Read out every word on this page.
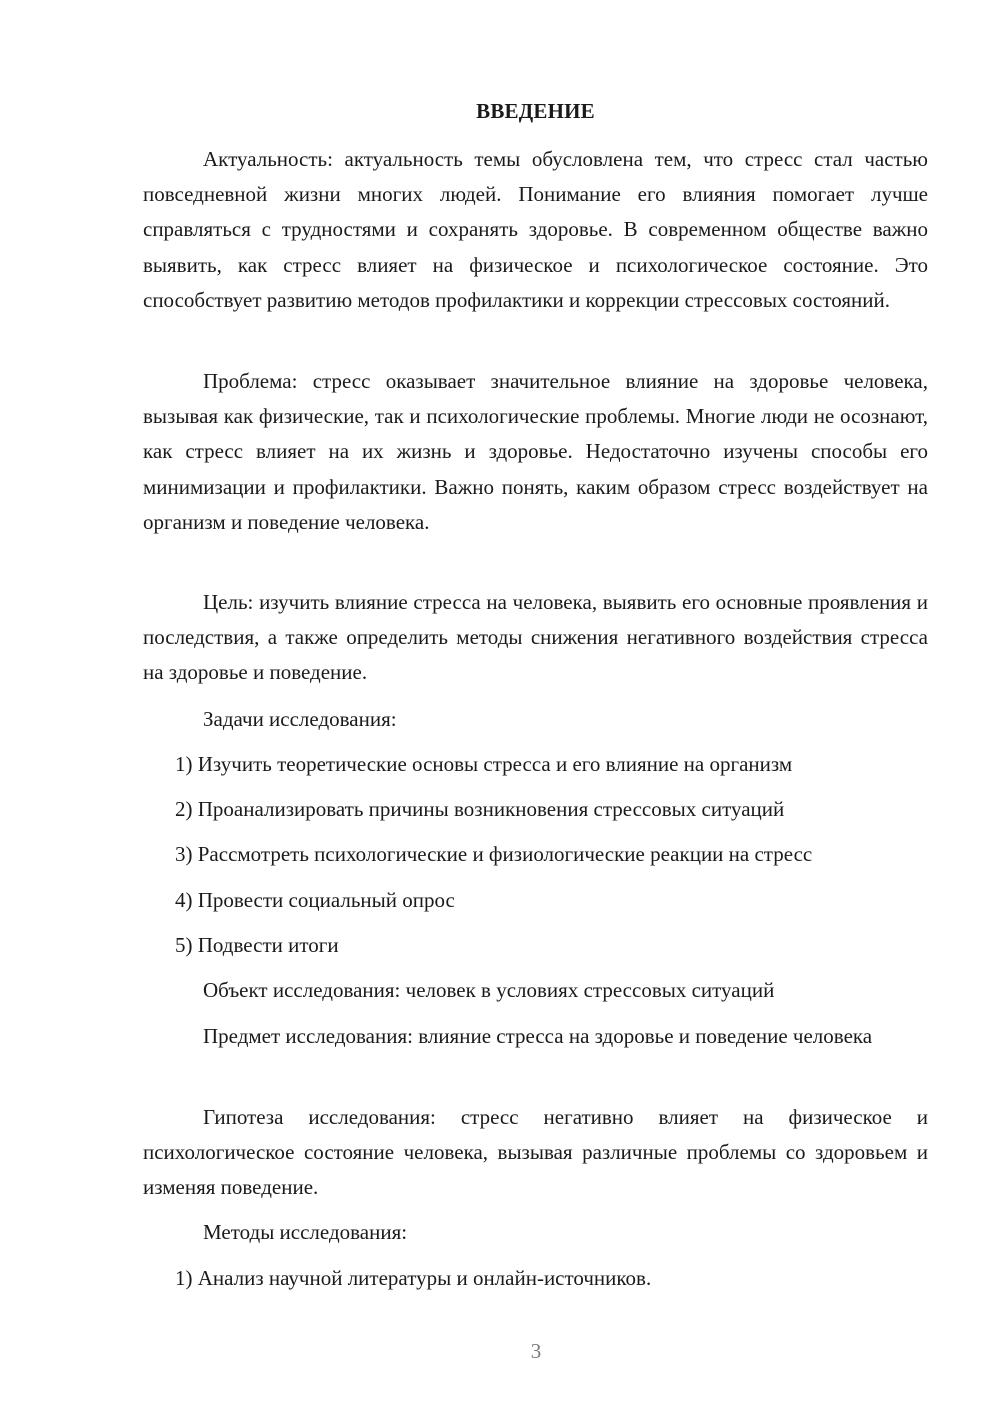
ВВЕДЕНИЕ

Актуальность: актуальность темы обусловлена тем, что стресс стал частью повседневной жизни многих людей. Понимание его влияния помогает лучше справляться с трудностями и сохранять здоровье. В современном обществе важно выявить, как стресс влияет на физическое и психологическое состояние. Это способствует развитию методов профилактики и коррекции стрессовых состояний.

Проблема: стресс оказывает значительное влияние на здоровье человека, вызывая как физические, так и психологические проблемы. Многие люди не осознают, как стресс влияет на их жизнь и здоровье. Недостаточно изучены способы его минимизации и профилактики. Важно понять, каким образом стресс воздействует на организм и поведение человека.

Цель: изучить влияние стресса на человека, выявить его основные проявления и последствия, а также определить методы снижения негативного воздействия стресса на здоровье и поведение.

Задачи исследования:

1) Изучить теоретические основы стресса и его влияние на организм

2) Проанализировать причины возникновения стрессовых ситуаций

3) Рассмотреть психологические и физиологические реакции на стресс

4) Провести социальный опрос

5) Подвести итоги

Объект исследования: человек в условиях стрессовых ситуаций

Предмет исследования: влияние стресса на здоровье и поведение человека

Гипотеза исследования: стресс негативно влияет на физическое и психологическое состояние человека, вызывая различные проблемы со здоровьем и изменяя поведение.

Методы исследования:

1) Анализ научной литературы и онлайн-источников.

3
